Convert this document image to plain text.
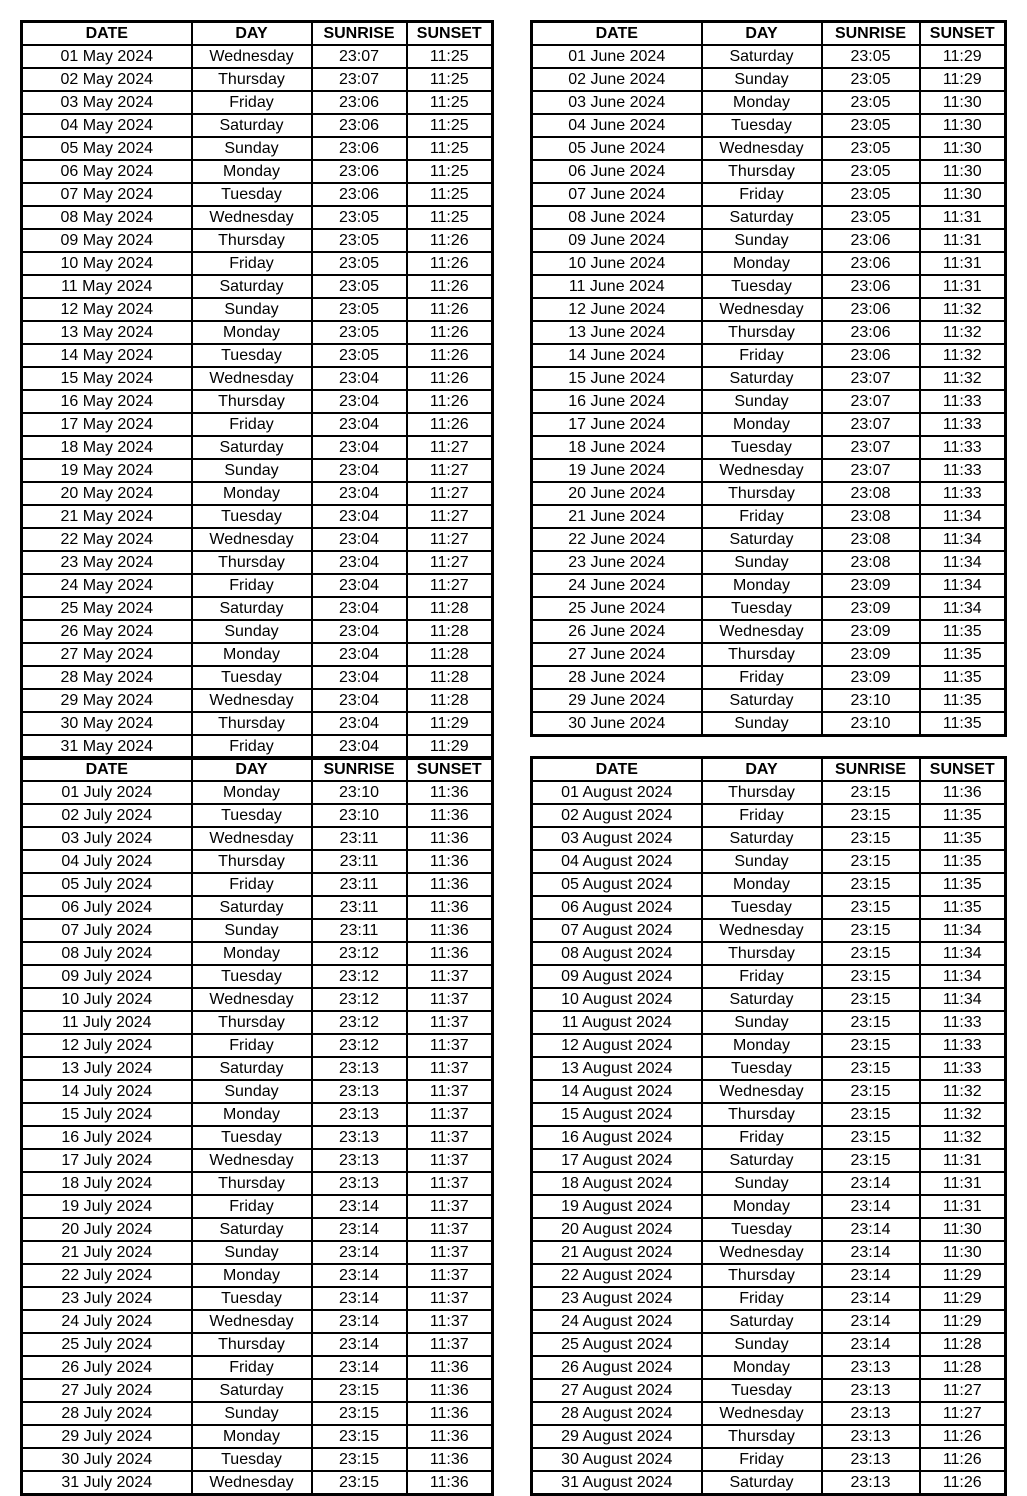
DATE	DAY	SUNRISE	SUNSET
01 May 2024	Wednesday	23:07	11:25
02 May 2024	Thursday	23:07	11:25
03 May 2024	Friday	23:06	11:25
04 May 2024	Saturday	23:06	11:25
05 May 2024	Sunday	23:06	11:25
06 May 2024	Monday	23:06	11:25
07 May 2024	Tuesday	23:06	11:25
08 May 2024	Wednesday	23:05	11:25
09 May 2024	Thursday	23:05	11:26
10 May 2024	Friday	23:05	11:26
11 May 2024	Saturday	23:05	11:26
12 May 2024	Sunday	23:05	11:26
13 May 2024	Monday	23:05	11:26
14 May 2024	Tuesday	23:05	11:26
15 May 2024	Wednesday	23:04	11:26
16 May 2024	Thursday	23:04	11:26
17 May 2024	Friday	23:04	11:26
18 May 2024	Saturday	23:04	11:27
19 May 2024	Sunday	23:04	11:27
20 May 2024	Monday	23:04	11:27
21 May 2024	Tuesday	23:04	11:27
22 May 2024	Wednesday	23:04	11:27
23 May 2024	Thursday	23:04	11:27
24 May 2024	Friday	23:04	11:27
25 May 2024	Saturday	23:04	11:28
26 May 2024	Sunday	23:04	11:28
27 May 2024	Monday	23:04	11:28
28 May 2024	Tuesday	23:04	11:28
29 May 2024	Wednesday	23:04	11:28
30 May 2024	Thursday	23:04	11:29
31 May 2024	Friday	23:04	11:29
DATE	DAY	SUNRISE	SUNSET
01 June 2024	Saturday	23:05	11:29
02 June 2024	Sunday	23:05	11:29
03 June 2024	Monday	23:05	11:30
04 June 2024	Tuesday	23:05	11:30
05 June 2024	Wednesday	23:05	11:30
06 June 2024	Thursday	23:05	11:30
07 June 2024	Friday	23:05	11:30
08 June 2024	Saturday	23:05	11:31
09 June 2024	Sunday	23:06	11:31
10 June 2024	Monday	23:06	11:31
11 June 2024	Tuesday	23:06	11:31
12 June 2024	Wednesday	23:06	11:32
13 June 2024	Thursday	23:06	11:32
14 June 2024	Friday	23:06	11:32
15 June 2024	Saturday	23:07	11:32
16 June 2024	Sunday	23:07	11:33
17 June 2024	Monday	23:07	11:33
18 June 2024	Tuesday	23:07	11:33
19 June 2024	Wednesday	23:07	11:33
20 June 2024	Thursday	23:08	11:33
21 June 2024	Friday	23:08	11:34
22 June 2024	Saturday	23:08	11:34
23 June 2024	Sunday	23:08	11:34
24 June 2024	Monday	23:09	11:34
25 June 2024	Tuesday	23:09	11:34
26 June 2024	Wednesday	23:09	11:35
27 June 2024	Thursday	23:09	11:35
28 June 2024	Friday	23:09	11:35
29 June 2024	Saturday	23:10	11:35
30 June 2024	Sunday	23:10	11:35
DATE	DAY	SUNRISE	SUNSET
01 July 2024	Monday	23:10	11:36
02 July 2024	Tuesday	23:10	11:36
03 July 2024	Wednesday	23:11	11:36
04 July 2024	Thursday	23:11	11:36
05 July 2024	Friday	23:11	11:36
06 July 2024	Saturday	23:11	11:36
07 July 2024	Sunday	23:11	11:36
08 July 2024	Monday	23:12	11:36
09 July 2024	Tuesday	23:12	11:37
10 July 2024	Wednesday	23:12	11:37
11 July 2024	Thursday	23:12	11:37
12 July 2024	Friday	23:12	11:37
13 July 2024	Saturday	23:13	11:37
14 July 2024	Sunday	23:13	11:37
15 July 2024	Monday	23:13	11:37
16 July 2024	Tuesday	23:13	11:37
17 July 2024	Wednesday	23:13	11:37
18 July 2024	Thursday	23:13	11:37
19 July 2024	Friday	23:14	11:37
20 July 2024	Saturday	23:14	11:37
21 July 2024	Sunday	23:14	11:37
22 July 2024	Monday	23:14	11:37
23 July 2024	Tuesday	23:14	11:37
24 July 2024	Wednesday	23:14	11:37
25 July 2024	Thursday	23:14	11:37
26 July 2024	Friday	23:14	11:36
27 July 2024	Saturday	23:15	11:36
28 July 2024	Sunday	23:15	11:36
29 July 2024	Monday	23:15	11:36
30 July 2024	Tuesday	23:15	11:36
31 July 2024	Wednesday	23:15	11:36
DATE	DAY	SUNRISE	SUNSET
01 August 2024	Thursday	23:15	11:36
02 August 2024	Friday	23:15	11:35
03 August 2024	Saturday	23:15	11:35
04 August 2024	Sunday	23:15	11:35
05 August 2024	Monday	23:15	11:35
06 August 2024	Tuesday	23:15	11:35
07 August 2024	Wednesday	23:15	11:34
08 August 2024	Thursday	23:15	11:34
09 August 2024	Friday	23:15	11:34
10 August 2024	Saturday	23:15	11:34
11 August 2024	Sunday	23:15	11:33
12 August 2024	Monday	23:15	11:33
13 August 2024	Tuesday	23:15	11:33
14 August 2024	Wednesday	23:15	11:32
15 August 2024	Thursday	23:15	11:32
16 August 2024	Friday	23:15	11:32
17 August 2024	Saturday	23:15	11:31
18 August 2024	Sunday	23:14	11:31
19 August 2024	Monday	23:14	11:31
20 August 2024	Tuesday	23:14	11:30
21 August 2024	Wednesday	23:14	11:30
22 August 2024	Thursday	23:14	11:29
23 August 2024	Friday	23:14	11:29
24 August 2024	Saturday	23:14	11:29
25 August 2024	Sunday	23:14	11:28
26 August 2024	Monday	23:13	11:28
27 August 2024	Tuesday	23:13	11:27
28 August 2024	Wednesday	23:13	11:27
29 August 2024	Thursday	23:13	11:26
30 August 2024	Friday	23:13	11:26
31 August 2024	Saturday	23:13	11:26
